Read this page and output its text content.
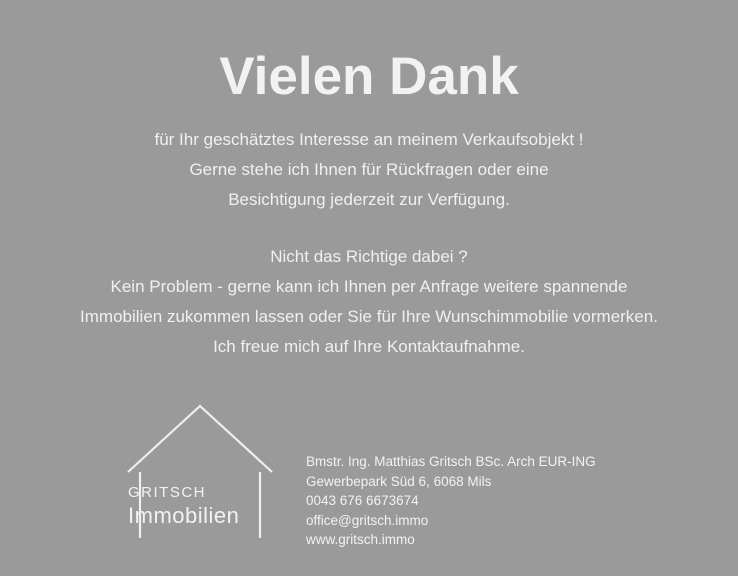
Vielen Dank

für Ihr geschätztes Interesse an meinem Verkaufsobjekt !

Gerne stehe ich Ihnen für Rückfragen oder eine

Besichtigung jederzeit zur Verfügung.

Nicht das Richtige dabei ?

Kein Problem - gerne kann ich Ihnen per Anfrage weitere spannende

Immobilien zukommen lassen oder Sie für Ihre Wunschimmobilie vormerken.

Ich freue mich auf Ihre Kontaktaufnahme.

GRITSCH
Immobilien
Bmstr. Ing. Matthias Gritsch BSc. Arch EUR-ING
Gewerbepark Süd 6, 6068 Mils
0043 676 6673674
office@gritsch.immo
www.gritsch.immo
